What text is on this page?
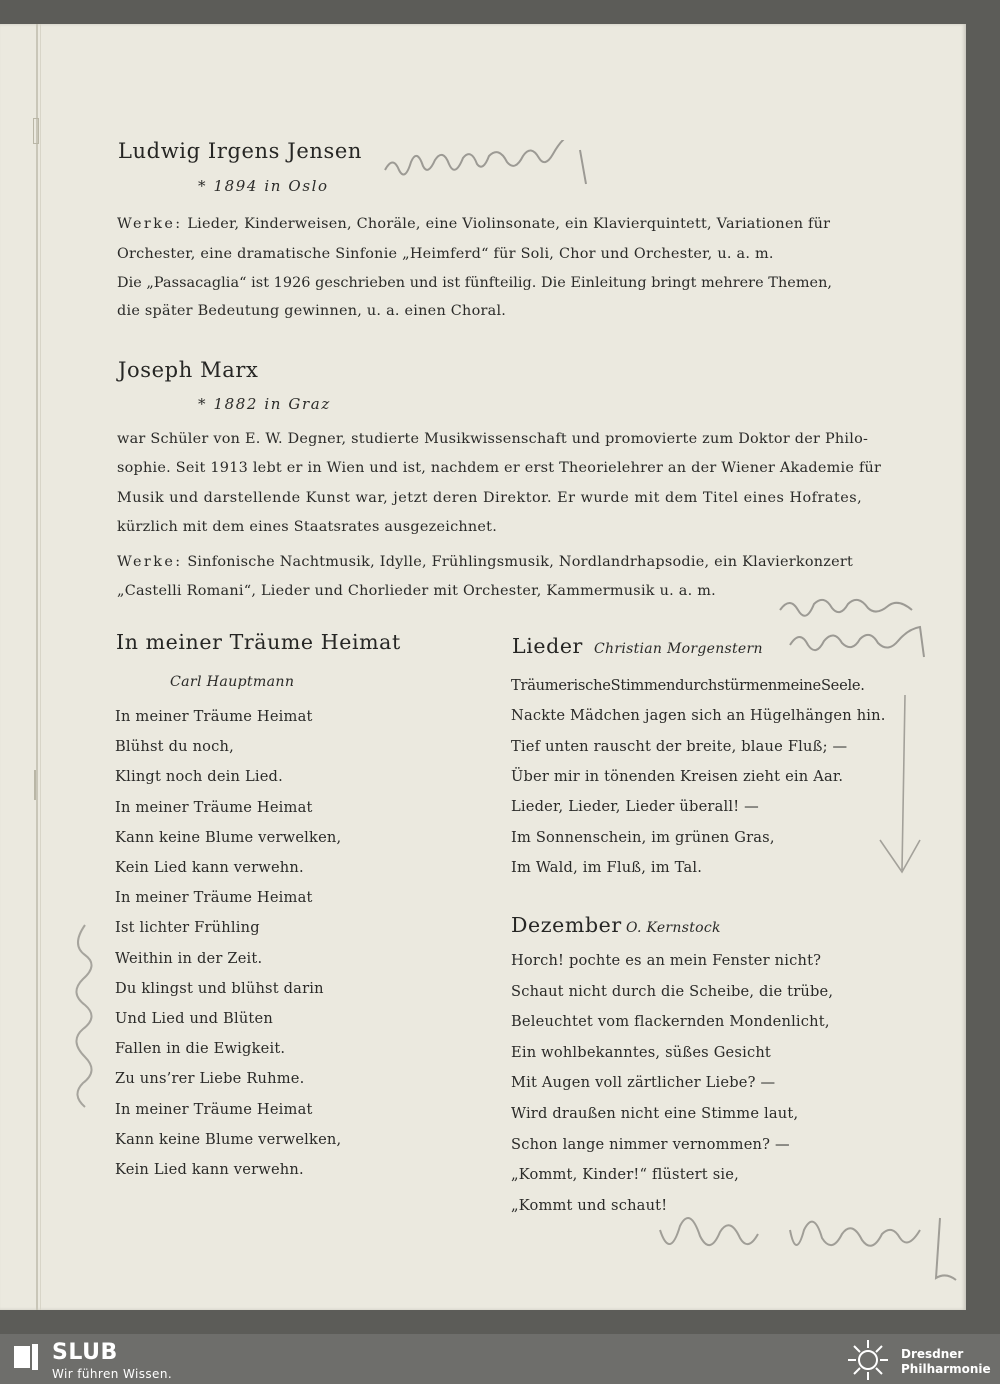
Ludwig Irgens Jensen
* 1894 in Oslo
Werke: Lieder, Kinderweisen, Choräle, eine Violinsonate, ein Klavierquintett, Variationen für
Orchester, eine dramatische Sinfonie „Heimferd“ für Soli, Chor und Orchester, u. a. m.
Die „Passacaglia“ ist 1926 geschrieben und ist fünfteilig. Die Einleitung bringt mehrere Themen,
die später Bedeutung gewinnen, u. a. einen Choral.
Joseph Marx
* 1882 in Graz
war Schüler von E. W. Degner, studierte Musikwissenschaft und promovierte zum Doktor der Philo-
sophie. Seit 1913 lebt er in Wien und ist, nachdem er erst Theorielehrer an der Wiener Akademie für
Musik und darstellende Kunst war, jetzt deren Direktor. Er wurde mit dem Titel eines Hofrates,
kürzlich mit dem eines Staatsrates ausgezeichnet.
Werke: Sinfonische Nachtmusik, Idylle, Frühlingsmusik, Nordlandrhapsodie, ein Klavierkonzert
„Castelli Romani“, Lieder und Chorlieder mit Orchester, Kammermusik u. a. m.
In meiner Träume Heimat
Carl Hauptmann
In meiner Träume Heimat
Blühst du noch,
Klingt noch dein Lied.
In meiner Träume Heimat
Kann keine Blume verwelken,
Kein Lied kann verwehn.
In meiner Träume Heimat
Ist lichter Frühling
Weithin in der Zeit.
Du klingst und blühst darin
Und Lied und Blüten
Fallen in die Ewigkeit.
Zu uns’rer Liebe Ruhme.
In meiner Träume Heimat
Kann keine Blume verwelken,
Kein Lied kann verwehn.
Lieder Christian Morgenstern
TräumerischeStimmendurchstürmenmeineSeele.
Nackte Mädchen jagen sich an Hügelhängen hin.
Tief unten rauscht der breite, blaue Fluß; —
Über mir in tönenden Kreisen zieht ein Aar.
Lieder, Lieder, Lieder überall! —
Im Sonnenschein, im grünen Gras,
Im Wald, im Fluß, im Tal.
Dezember O. Kernstock
Horch! pochte es an mein Fenster nicht?
Schaut nicht durch die Scheibe, die trübe,
Beleuchtet vom flackernden Mondenlicht,
Ein wohlbekanntes, süßes Gesicht
Mit Augen voll zärtlicher Liebe? —
Wird draußen nicht eine Stimme laut,
Schon lange nimmer vernommen? —
„Kommt, Kinder!“ flüstert sie,
„Kommt und schaut!
SLUB
Wir führen Wissen.
Dresdner
Philharmonie
